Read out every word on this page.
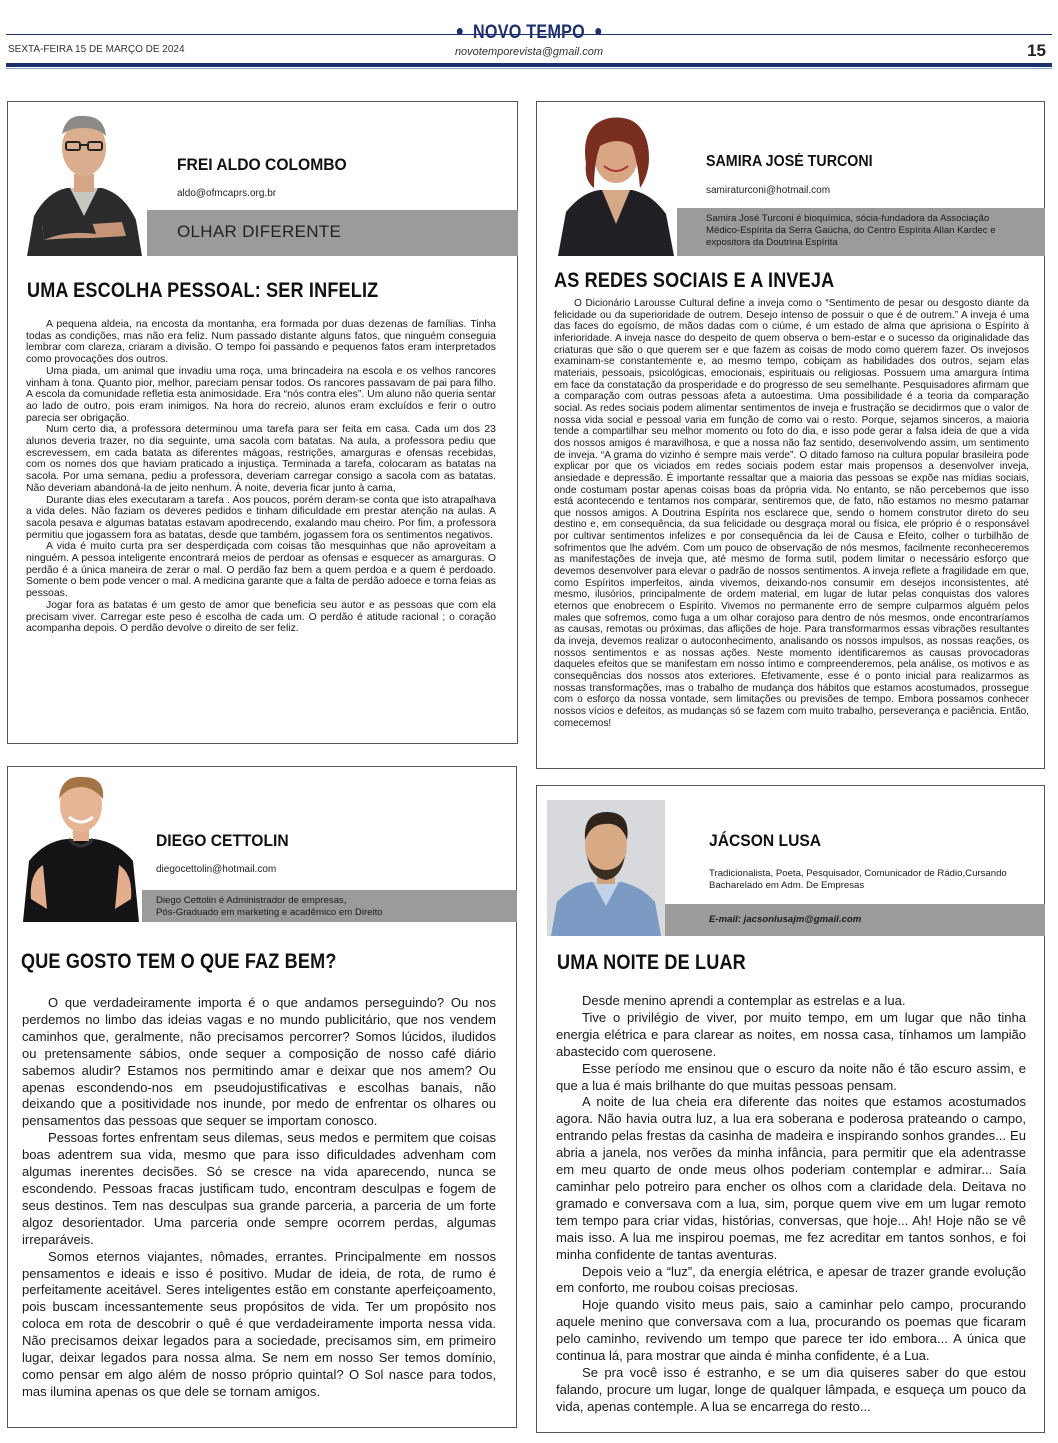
NOVO TEMPO
SEXTA-FEIRA 15 DE MARÇO DE 2024	novotemporevista@gmail.com	15
FREI ALDO COLOMBO
aldo@ofmcaprs.org.br
OLHAR DIFERENTE
UMA ESCOLHA PESSOAL: SER INFELIZ

A pequena aldeia, na encosta da montanha, era formada por duas dezenas de famílias. Tinha todas as condições, mas não era feliz. Num passado distante alguns fatos, que ninguém conseguia lembrar com clareza, criaram a divisão. O tempo foi passando e pequenos fatos eram interpretados como provocações dos outros.

Uma piada, um animal que invadiu uma roça, uma brincadeira na escola e os velhos rancores vinham à tona. Quanto pior, melhor, pareciam pensar todos. Os rancores passavam de pai para filho. A escola da comunidade refletia esta animosidade. Era “nós contra eles”. Um aluno não queria sentar ao lado de outro, pois eram inimigos. Na hora do recreio, alunos eram excluídos e ferir o outro parecia ser obrigação.

Num certo dia, a professora determinou uma tarefa para ser feita em casa. Cada um dos 23 alunos deveria trazer, no dia seguinte, uma sacola com batatas. Na aula, a professora pediu que escrevessem, em cada batata as diferentes mágoas, restrições, amarguras e ofensas recebidas, com os nomes dos que haviam praticado a injustiça. Terminada a tarefa, colocaram as batatas na sacola. Por uma semana, pediu a professora, deveriam carregar consigo a sacola com as batatas. Não deveriam abandoná-la de jeito nenhum. À noite, deveria ficar junto à cama,

Durante dias eles executaram a tarefa . Aos poucos, porém deram-se conta que isto atrapalhava a vida deles. Não faziam os deveres pedidos e tinham dificuldade em prestar atenção na aulas. A sacola pesava e algumas batatas estavam apodrecendo, exalando mau cheiro. Por fim, a professora permitiu que jogassem fora as batatas, desde que também, jogassem fora os sentimentos negativos.

A vida é muito curta pra ser desperdiçada com coisas tão mesquinhas que não aproveitam a ninguém. A pessoa inteligente encontrará meios de perdoar as ofensas e esquecer as amarguras. O perdão é a única maneira de zerar o mal. O perdão faz bem a quem perdoa e a quem é perdoado. Somente o bem pode vencer o mal. A medicina garante que a falta de perdão adoece e torna feias as pessoas.

Jogar fora as batatas é um gesto de amor que beneficia seu autor e as pessoas que com ela precisam viver. Carregar este peso é escolha de cada um. O perdão é atitude racional ; o coração acompanha depois. O perdão devolve o direito de ser feliz.

SAMIRA JOSÉ TURCONI
samiraturconi@hotmail.com
Samira José Turconi é bioquímica, sócia-fundadora da Associação Médico-Espírita da Serra Gaúcha, do Centro Espírita Allan Kardec e expositora da Doutrina Espírita
AS REDES SOCIAIS E A INVEJA

O Dicionário Larousse Cultural define a inveja como o “Sentimento de pesar ou desgosto diante da felicidade ou da superioridade de outrem. Desejo intenso de possuir o que é de outrem.” A inveja é uma das faces do egoísmo, de mãos dadas com o ciúme, é um estado de alma que aprisiona o Espírito à inferioridade. A inveja nasce do despeito de quem observa o bem-estar e o sucesso da originalidade das criaturas que são o que querem ser e que fazem as coisas de modo como querem fazer. Os invejosos examinam-se constantemente e, ao mesmo tempo, cobiçam as habilidades dos outros, sejam elas materiais, pessoais, psicológicas, emocionais, espirituais ou religiosas. Possuem uma amargura íntima em face da constatação da prosperidade e do progresso de seu semelhante. Pesquisadores afirmam que a comparação com outras pessoas afeta a autoestima. Uma possibilidade é a teoria da comparação social. As redes sociais podem alimentar sentimentos de inveja e frustração se decidirmos que o valor de nossa vida social e pessoal varia em função de como vai o resto. Porque, sejamos sinceros, a maioria tende a compartilhar seu melhor momento ou foto do dia, e isso pode gerar a falsa ideia de que a vida dos nossos amigos é maravilhosa, e que a nossa não faz sentido, desenvolvendo assim, um sentimento de inveja. “A grama do vizinho é sempre mais verde”. O ditado famoso na cultura popular brasileira pode explicar por que os viciados em redes sociais podem estar mais propensos a desenvolver inveja, ansiedade e depressão. É importante ressaltar que a maioria das pessoas se expõe nas mídias sociais, onde costumam postar apenas coisas boas da própria vida. No entanto, se não percebemos que isso está acontecendo e tentamos nos comparar, sentiremos que, de fato, não estamos no mesmo patamar que nossos amigos. A Doutrina Espírita nos esclarece que, sendo o homem construtor direto do seu destino e, em consequência, da sua felicidade ou desgraça moral ou física, ele próprio é o responsável por cultivar sentimentos infelizes e por consequência da lei de Causa e Efeito, colher o turbilhão de sofrimentos que lhe advém. Com um pouco de observação de nós mesmos, facilmente reconheceremos as manifestações de inveja que, até mesmo de forma sutil, podem limitar o necessário esforço que devemos desenvolver para elevar o padrão de nossos sentimentos. A inveja reflete a fragilidade em que, como Espíritos imperfeitos, ainda vivemos, deixando-nos consumir em desejos inconsistentes, até mesmo, ilusórios, principalmente de ordem material, em lugar de lutar pelas conquistas dos valores eternos que enobrecem o Espírito. Vivemos no permanente erro de sempre culparmos alguém pelos males que sofremos, como fuga a um olhar corajoso para dentro de nós mesmos, onde encontraríamos as causas, remotas ou próximas, das aflições de hoje. Para transformarmos essas vibrações resultantes da inveja, devemos realizar o autoconhecimento, analisando os nossos impulsos, as nossas reações, os nossos sentimentos e as nossas ações. Neste momento identificaremos as causas provocadoras daqueles efeitos que se manifestam em nosso íntimo e compreenderemos, pela análise, os motivos e as consequências dos nossos atos exteriores. Efetivamente, esse é o ponto inicial para realizarmos as nossas transformações, mas o trabalho de mudança dos hábitos que estamos acostumados, prossegue com o esforço da nossa vontade, sem limitações ou previsões de tempo. Embora possamos conhecer nossos vícios e defeitos, as mudanças só se fazem com muito trabalho, perseverança e paciência. Então, comecemos!

DIEGO CETTOLIN
diegocettolin@hotmail.com
Diego Cettolin é Administrador de empresas,
Pós-Graduado em marketing e acadêmico em Direito
QUE GOSTO TEM O QUE FAZ BEM?

O que verdadeiramente importa é o que andamos perseguindo? Ou nos perdemos no limbo das ideias vagas e no mundo publicitário, que nos vendem caminhos que, geralmente, não precisamos percorrer? Somos lúcidos, iludidos ou pretensamente sábios, onde sequer a composição de nosso café diário sabemos aludir? Estamos nos permitindo amar e deixar que nos amem? Ou apenas escondendo-nos em pseudojustificativas e escolhas banais, não deixando que a positividade nos inunde, por medo de enfrentar os olhares ou pensamentos das pessoas que sequer se importam conosco.

Pessoas fortes enfrentam seus dilemas, seus medos e permitem que coisas boas adentrem sua vida, mesmo que para isso dificuldades advenham com algumas inerentes decisões. Só se cresce na vida aparecendo, nunca se escondendo. Pessoas fracas justificam tudo, encontram desculpas e fogem de seus destinos. Tem nas desculpas sua grande parceria, a parceria de um forte algoz desorientador. Uma parceria onde sempre ocorrem perdas, algumas irreparáveis.

Somos eternos viajantes, nômades, errantes. Principalmente em nossos pensamentos e ideais e isso é positivo. Mudar de ideia, de rota, de rumo é perfeitamente aceitável. Seres inteligentes estão em constante aperfeiçoamento, pois buscam incessantemente seus propósitos de vida. Ter um propósito nos coloca em rota de descobrir o quê é que verdadeiramente importa nessa vida. Não precisamos deixar legados para a sociedade, precisamos sim, em primeiro lugar, deixar legados para nossa alma. Se nem em nosso Ser temos domínio, como pensar em algo além de nosso próprio quintal? O Sol nasce para todos, mas ilumina apenas os que dele se tornam amigos.

JÁCSON LUSA
Tradicionalista, Poeta, Pesquisador, Comunicador de Rádio,Cursando Bacharelado em Adm. De Empresas
E-mail: jacsonlusajm@gmail.com
UMA NOITE DE LUAR

Desde menino aprendi a contemplar as estrelas e a lua.

Tive o privilégio de viver, por muito tempo, em um lugar que não tinha energia elétrica e para clarear as noites, em nossa casa, tínhamos um lampião abastecido com querosene.

Esse período me ensinou que o escuro da noite não é tão escuro assim, e que a lua é mais brilhante do que muitas pessoas pensam.

A noite de lua cheia era diferente das noites que estamos acostumados agora. Não havia outra luz, a lua era soberana e poderosa prateando o campo, entrando pelas frestas da casinha de madeira e inspirando sonhos grandes... Eu abria a janela, nos verões da minha infância, para permitir que ela adentrasse em meu quarto de onde meus olhos poderiam contemplar e admirar... Saía caminhar pelo potreiro para encher os olhos com a claridade dela. Deitava no gramado e conversava com a lua, sim, porque quem vive em um lugar remoto tem tempo para criar vidas, histórias, conversas, que hoje... Ah! Hoje não se vê mais isso. A lua me inspirou poemas, me fez acreditar em tantos sonhos, e foi minha confidente de tantas aventuras.

Depois veio a “luz”, da energia elétrica, e apesar de trazer grande evolução em conforto, me roubou coisas preciosas.

Hoje quando visito meus pais, saio a caminhar pelo campo, procurando aquele menino que conversava com a lua, procurando os poemas que ficaram pelo caminho, revivendo um tempo que parece ter ido embora... A única que continua lá, para mostrar que ainda é minha confidente, é a Lua.

Se pra você isso é estranho, e se um dia quiseres saber do que estou falando, procure um lugar, longe de qualquer lâmpada, e esqueça um pouco da vida, apenas contemple. A lua se encarrega do resto...
